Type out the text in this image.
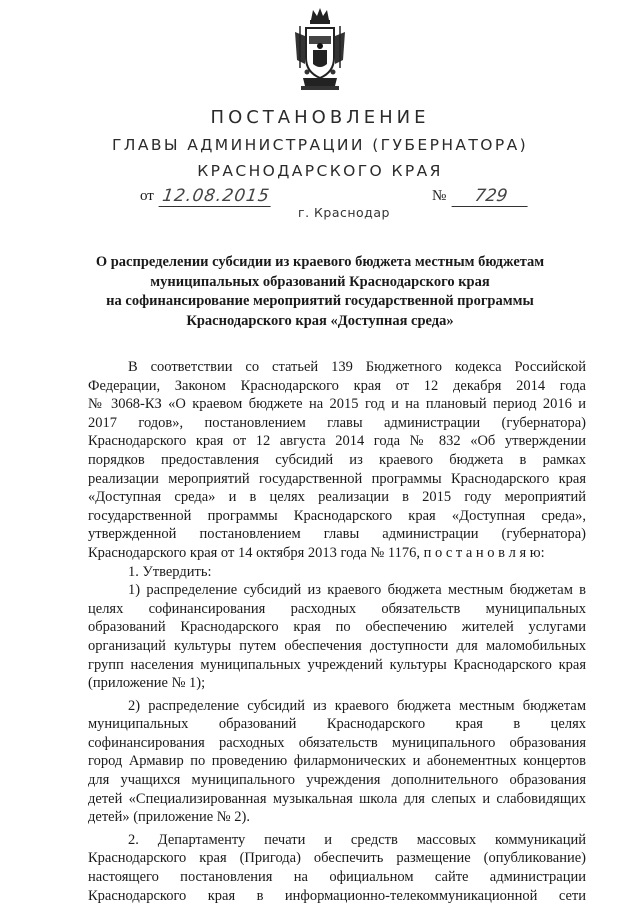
ПОСТАНОВЛЕНИЕ
ГЛАВЫ АДМИНИСТРАЦИИ (ГУБЕРНАТОРА)
КРАСНОДАРСКОГО КРАЯ
от 12.08.2015	№	729
г. Краснодар
О распределении субсидии из краевого бюджета местным бюджетам
муниципальных образований Краснодарского края
на софинансирование мероприятий государственной программы
Краснодарского края «Доступная среда»
В соответствии со статьей 139 Бюджетного кодекса Российской
Федерации, Законом Краснодарского края от 12 декабря 2014 года
№ 3068-КЗ «О краевом бюджете на 2015 год и на плановый период 2016 и
2017 годов», постановлением главы администрации (губернатора)
Краснодарского края от 12 августа 2014 года № 832 «Об утверждении
порядков предоставления субсидий из краевого бюджета в рамках
реализации мероприятий государственной программы Краснодарского края
«Доступная среда» и в целях реализации в 2015 году мероприятий
государственной программы Краснодарского края «Доступная среда»,
утвержденной постановлением главы администрации (губернатора)
Краснодарского края от 14 октября 2013 года № 1176, п о с т а н о в л я ю:
1. Утвердить:
1) распределение субсидий из краевого бюджета местным бюджетам в
целях софинансирования расходных обязательств муниципальных
образований Краснодарского края по обеспечению жителей услугами
организаций культуры путем обеспечения доступности для маломобильных
групп населения муниципальных учреждений культуры Краснодарского края
(приложение № 1);
2) распределение субсидий из краевого бюджета местным бюджетам
муниципальных образований Краснодарского края в целях
софинансирования расходных обязательств муниципального образования
город Армавир по проведению филармонических и абонементных концертов
для учащихся муниципального учреждения дополнительного образования
детей «Специализированная музыкальная школа для слепых и слабовидящих
детей» (приложение № 2).
2. Департаменту печати и средств массовых коммуникаций
Краснодарского края (Пригода) обеспечить размещение (опубликование)
настоящего постановления на официальном сайте администрации
Краснодарского края в информационно-телекоммуникационной сети
